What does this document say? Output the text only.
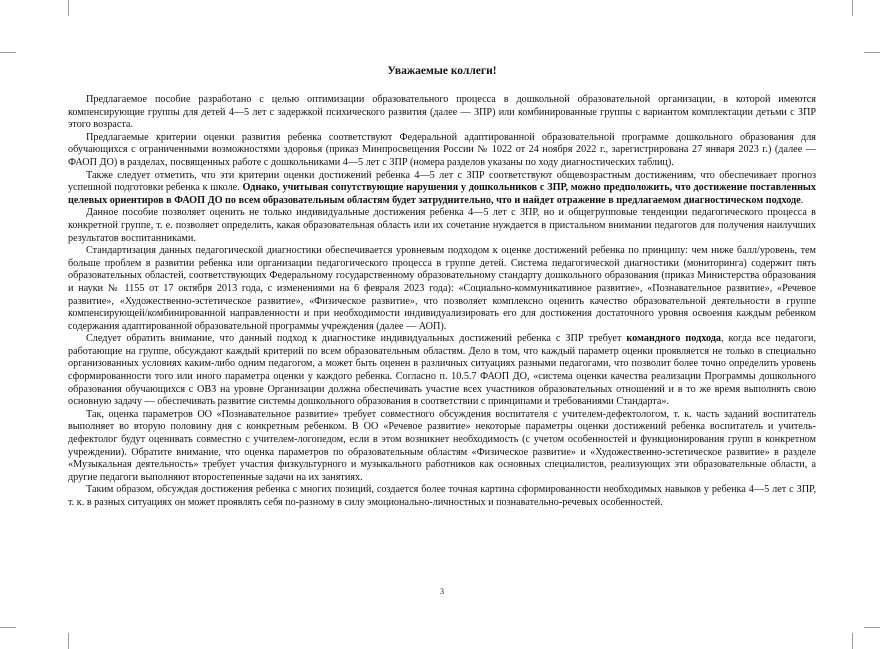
Уважаемые коллеги!

Предлагаемое пособие разработано с целью оптимизации образовательного процесса в дошкольной образовательной организации, в которой имеются компенсирующие группы для детей 4—5 лет с задержкой психического развития (далее — ЗПР) или комбинированные группы с вариантом комплектации детьми с ЗПР этого возраста.

Предлагаемые критерии оценки развития ребенка соответствуют Федеральной адаптированной образовательной программе дошкольного образования для обучающихся с ограниченными возможностями здоровья (приказ Минпросвещения России № 1022 от 24 ноября 2022 г., зарегистрирована 27 января 2023 г.) (далее — ФАОП ДО) в разделах, посвященных работе с дошкольниками 4—5 лет с ЗПР (номера разделов указаны по ходу диагностических таблиц).

Также следует отметить, что эти критерии оценки достижений ребенка 4—5 лет с ЗПР соответствуют общевозрастным достижениям, что обеспечивает прогноз успешной подготовки ребенка к школе. Однако, учитывая сопутствующие нарушения у дошкольников с ЗПР, можно предположить, что достижение поставленных целевых ориентиров в ФАОП ДО по всем образовательным областям будет затруднительно, что и найдет отражение в предлагаемом диагностическом подходе.

Данное пособие позволяет оценить не только индивидуальные достижения ребенка 4—5 лет с ЗПР, но и общегрупповые тенденции педагогического процесса в конкретной группе, т. е. позволяет определить, какая образовательная область или их сочетание нуждается в пристальном внимании педагогов для получения наилучших результатов воспитанниками.

Стандартизация данных педагогической диагностики обеспечивается уровневым подходом к оценке достижений ребенка по принципу: чем ниже балл/уровень, тем больше проблем в развитии ребенка или организации педагогического процесса в группе детей. Система педагогической диагностики (мониторинга) содержит пять образовательных областей, соответствующих Федеральному государственному образовательному стандарту дошкольного образования (приказ Министерства образования и науки № 1155 от 17 октября 2013 года, с изменениями на 6 февраля 2023 года): «Социально-коммуникативное развитие», «Познавательное развитие», «Речевое развитие», «Художественно-эстетическое развитие», «Физическое развитие», что позволяет комплексно оценить качество образовательной деятельности в группе компенсирующей/комбинированной направленности и при необходимости индивидуализировать его для достижения достаточного уровня освоения каждым ребенком содержания адаптированной образовательной программы учреждения (далее — АОП).

Следует обратить внимание, что данный подход к диагностике индивидуальных достижений ребенка с ЗПР требует командного подхода, когда все педагоги, работающие на группе, обсуждают каждый критерий по всем образовательным областям. Дело в том, что каждый параметр оценки проявляется не только в специально организованных условиях каким-либо одним педагогом, а может быть оценен в различных ситуациях разными педагогами, что позволит более точно определить уровень сформированности того или иного параметра оценки у каждого ребенка. Согласно п. 10.5.7 ФАОП ДО, «система оценки качества реализации Программы дошкольного образования обучающихся с ОВЗ на уровне Организации должна обеспечивать участие всех участников образовательных отношений и в то же время выполнять свою основную задачу — обеспечивать развитие системы дошкольного образования в соответствии с принципами и требованиями Стандарта».

Так, оценка параметров ОО «Познавательное развитие» требует совместного обсуждения воспитателя с учителем-дефектологом, т. к. часть заданий воспитатель выполняет во вторую половину дня с конкретным ребенком. В ОО «Речевое развитие» некоторые параметры оценки достижений ребенка воспитатель и учитель-дефектолог будут оценивать совместно с учителем-логопедом, если в этом возникнет необходимость (с учетом особенностей и функционирования групп в конкретном учреждении). Обратите внимание, что оценка параметров по образовательным областям «Физическое развитие» и «Художественно-эстетическое развитие» в разделе «Музыкальная деятельность» требует участия физкультурного и музыкального работников как основных специалистов, реализующих эти образовательные области, а другие педагоги выполняют второстепенные задачи на их занятиях.

Таким образом, обсуждая достижения ребенка с многих позиций, создается более точная картина сформированности необходимых навыков у ребенка 4—5 лет с ЗПР, т. к. в разных ситуациях он может проявлять себя по-разному в силу эмоционально-личностных и познавательно-речевых особенностей.

3
